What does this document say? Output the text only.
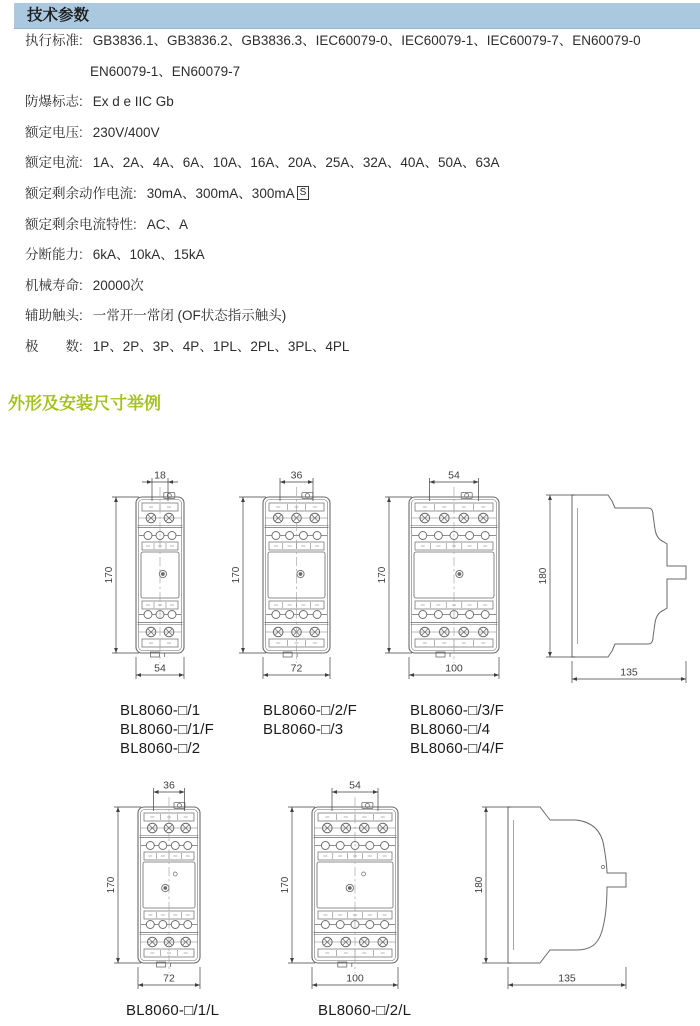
技术参数
执行标准: GB3836.1、GB3836.2、GB3836.3、IEC60079-0、IEC60079-1、IEC60079-7、EN60079-0
EN60079-1、EN60079-7
防爆标志: Ex d e IIC Gb
额定电压: 230V/400V
额定电流: 1A、2A、4A、6A、10A、16A、20A、25A、32A、40A、50A、63A
额定剩余动作电流: 30mA、300mA、300mA S
额定剩余电流特性: AC、A
分断能力: 6kA、10kA、15kA
机械寿命: 20000次
辅助触头: 一常开一常闭 (OF状态指示触头)
极　　数: 1P、2P、3P、4P、1PL、2PL、3PL、4PL
外形及安装尺寸举例
18
170
54
36
170
72
54
170
100
180
135
36
170
72
54
170
100
180
135
BL8060-□/1
BL8060-□/1/F
BL8060-□/2
BL8060-□/2/F
BL8060-□/3
BL8060-□/3/F
BL8060-□/4
BL8060-□/4/F
BL8060-□/1/L	BL8060-□/2/L
